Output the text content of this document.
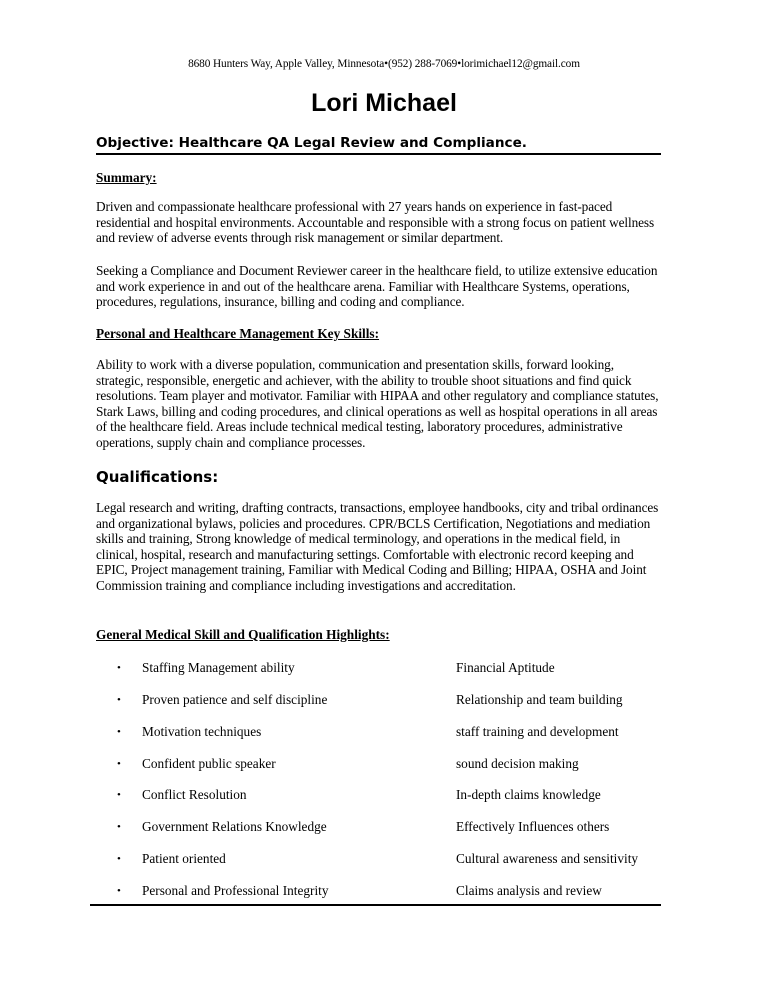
8680 Hunters Way, Apple Valley, Minnesota•(952) 288-7069•lorimichael12@gmail.com
Lori Michael
Objective: Healthcare QA Legal Review and Compliance.
Summary:

Driven and compassionate healthcare professional with 27 years hands on experience in fast-paced residential and hospital environments. Accountable and responsible with a strong focus on patient wellness and review of adverse events through risk management or similar department.

Seeking a Compliance and Document Reviewer career in the healthcare field, to utilize extensive education and work experience in and out of the healthcare arena. Familiar with Healthcare Systems, operations, procedures, regulations, insurance, billing and coding and compliance.

Personal and Healthcare Management Key Skills:

Ability to work with a diverse population, communication and presentation skills, forward looking, strategic, responsible, energetic and achiever, with the ability to trouble shoot situations and find quick resolutions. Team player and motivator. Familiar with HIPAA and other regulatory and compliance statutes, Stark Laws, billing and coding procedures, and clinical operations as well as hospital operations in all areas of the healthcare field. Areas include technical medical testing, laboratory procedures, administrative operations, supply chain and compliance processes.

Qualifications:

Legal research and writing, drafting contracts, transactions, employee handbooks, city and tribal ordinances and organizational bylaws, policies and procedures. CPR/BCLS Certification, Negotiations and mediation skills and training, Strong knowledge of medical terminology, and operations in the medical field, in clinical, hospital, research and manufacturing settings. Comfortable with electronic record keeping and EPIC, Project management training, Familiar with Medical Coding and Billing; HIPAA, OSHA and Joint Commission training and compliance including investigations and accreditation.

General Medical Skill and Qualification Highlights:
• Staffing Management ability	Financial Aptitude
• Proven patience and self discipline	Relationship and team building
• Motivation techniques	staff training and development
• Confident public speaker	sound decision making
• Conflict Resolution	In-depth claims knowledge
• Government Relations Knowledge	Effectively Influences others
• Patient oriented	Cultural awareness and sensitivity
• Personal and Professional Integrity	Claims analysis and review
